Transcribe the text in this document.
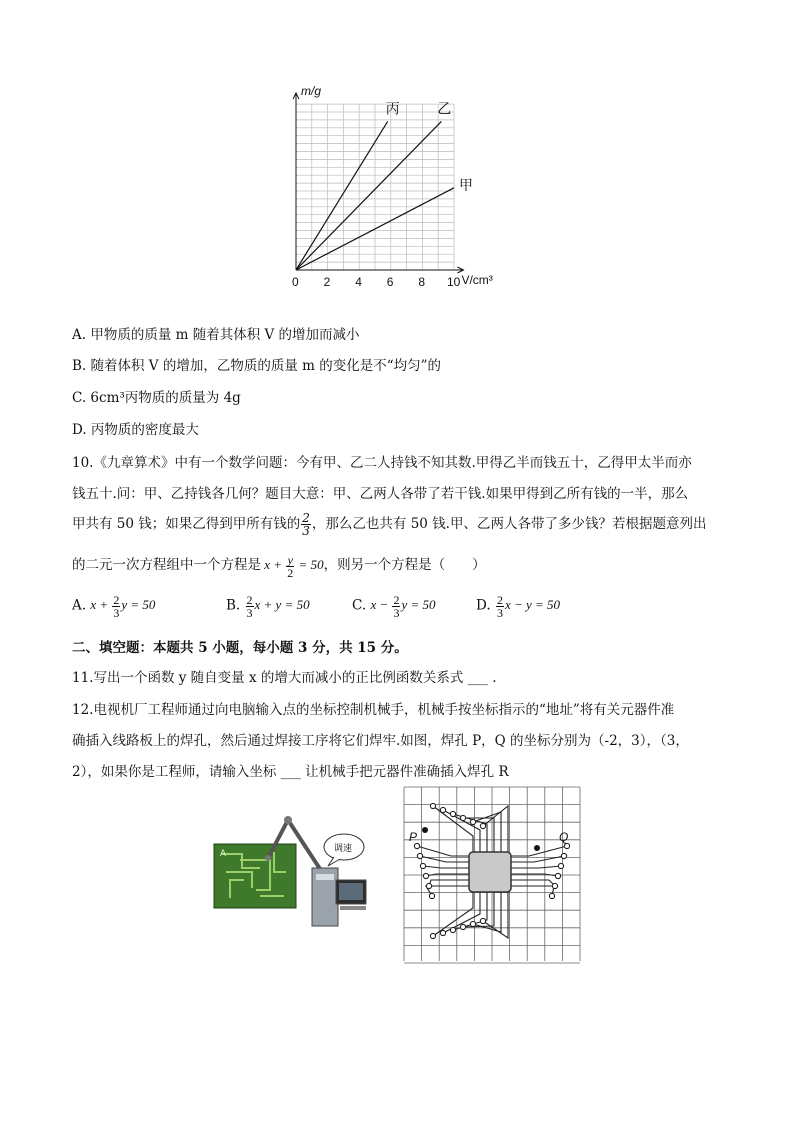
0 2 4 6 8 10
m/g
V/cm³
丙	乙
甲
A. 甲物质的质量 m 随着其体积 V 的增加而减小
B. 随着体积 V 的增加，乙物质的质量 m 的变化是不“均匀”的
C. 6cm³丙物质的质量为 4g
D. 丙物质的密度最大
10.《九章算术》中有一个数学问题：今有甲、乙二人持钱不知其数.甲得乙半而钱五十，乙得甲太半而亦
钱五十.问：甲、乙持钱各几何？题目大意：甲、乙两人各带了若干钱.如果甲得到乙所有钱的一半，那么
甲共有 50 钱；如果乙得到甲所有钱的 $\frac{2}{3}$ ，那么乙也共有 50 钱.甲、乙两人各带了多少钱？若根据题意列出
的二元一次方程组中一个方程是 $x + \frac{y}{2} = 50$，则另一个方程是（　　）
A. $x + \frac{2}{3}$ y = 50	B. $\frac{2}{3}$ x + y = 50	C. $x - \frac{2}{3}$ y = 50	D. $\frac{2}{3}$ x − y = 50
二、填空题：本题共 5 小题，每小题 3 分，共 15 分。
11.写出一个函数 y 随自变量 x 的增大而减小的正比例函数关系式 ___ .
12.电视机厂工程师通过向电脑输入点的坐标控制机械手，机械手按坐标指示的“地址”将有关元器件准
确插入线路板上的焊孔，然后通过焊接工序将它们焊牢.如图，焊孔 P，Q 的坐标分别为（-2，3），（3，
2），如果你是工程师，请输入坐标 ___ 让机械手把元器件准确插入焊孔 R
A	调速
P	Q
